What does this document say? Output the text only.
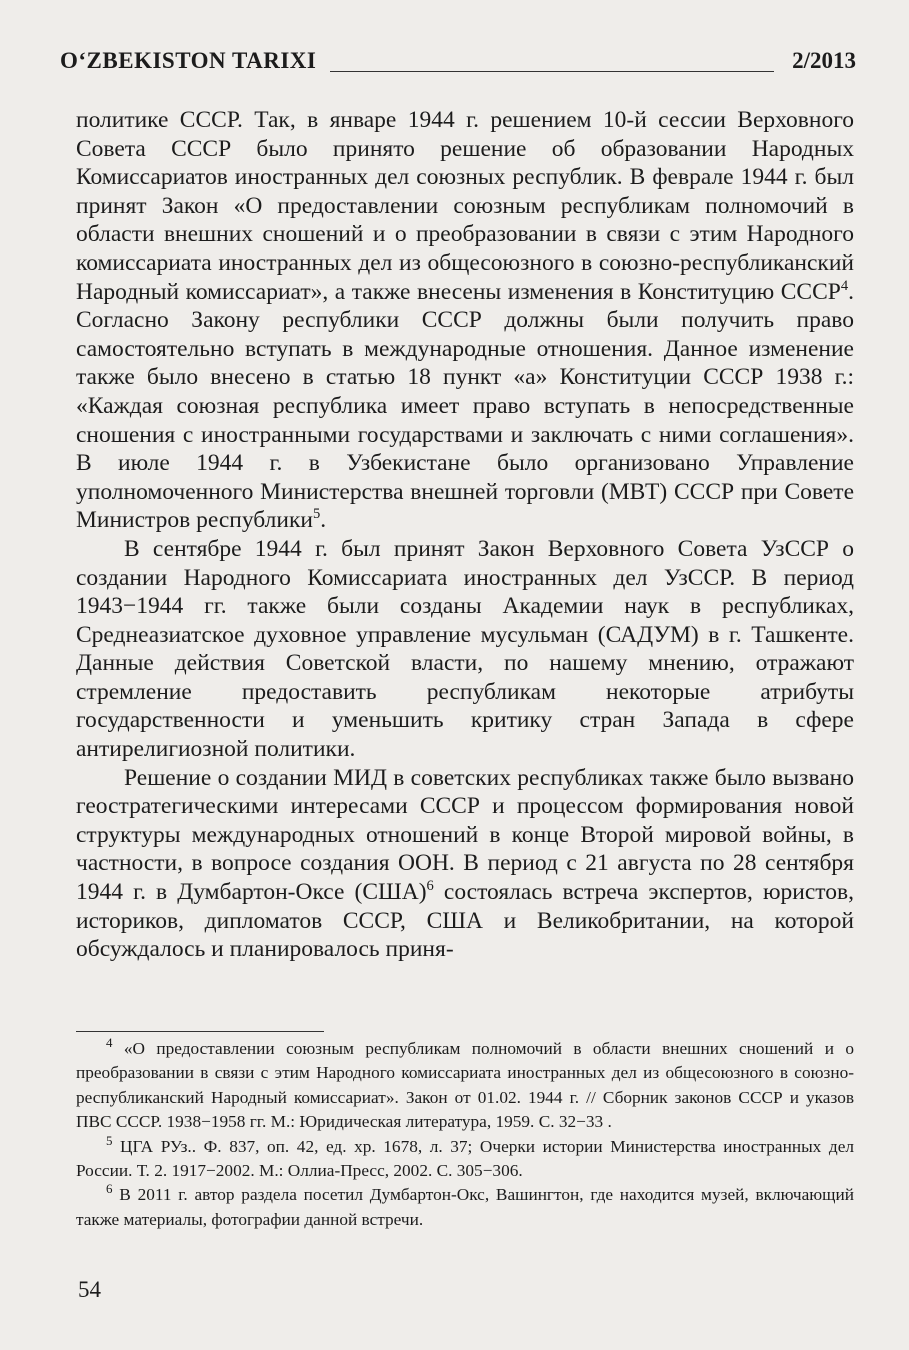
O‘ZBEKISTON TARIXI	2/2013

политике СССР. Так, в январе 1944 г. решением 10-й сессии Верховного Совета СССР было принято решение об образовании Народных Комиссариатов иностранных дел союзных республик. В феврале 1944 г. был принят Закон «О предоставлении союзным республикам полномочий в области внешних сношений и о преобразовании в связи с этим Народного комиссариата иностранных дел из общесоюзного в союзно-республиканский Народный комиссариат», а также внесены изменения в Конституцию СССР$^4$. Согласно Закону республики СССР должны были получить право самостоятельно вступать в международные отношения. Данное изменение также было внесено в статью 18 пункт «а» Конституции СССР 1938 г.: «Каждая союзная республика имеет право вступать в непосредственные сношения с иностранными государствами и заключать с ними соглашения». В июле 1944 г. в Узбекистане было организовано Управление уполномоченного Министерства внешней торговли (МВТ) СССР при Совете Министров республики$^5$.

В сентябре 1944 г. был принят Закон Верховного Совета УзССР о создании Народного Комиссариата иностранных дел УзССР. В период 1943−1944 гг. также были созданы Академии наук в республиках, Среднеазиатское духовное управление мусульман (САДУМ) в г. Ташкенте. Данные действия Советской власти, по нашему мнению, отражают стремление предоставить республикам некоторые атрибуты государственности и уменьшить критику стран Запада в сфере антирелигиозной политики.

Решение о создании МИД в советских республиках также было вызвано геостратегическими интересами СССР и процессом формирования новой структуры международных отношений в конце Второй мировой войны, в частности, в вопросе создания ООН. В период с 21 августа по 28 сентября 1944 г. в Думбартон-Оксе (США)$^6$ состоялась встреча экспертов, юристов, историков, дипломатов СССР, США и Великобритании, на которой обсуждалось и планировалось приня-

$^4$ «О предоставлении союзным республикам полномочий в области внешних сношений и о преобразовании в связи с этим Народного комиссариата иностранных дел из общесоюзного в союзно-республиканский Народный комиссариат». Закон от 01.02. 1944 г. // Сборник законов СССР и указов ПВС СССР. 1938−1958 гг. М.: Юридическая литература, 1959. С. 32−33 .

$^5$ ЦГА РУз.. Ф. 837, оп. 42, ед. хр. 1678, л. 37; Очерки истории Министерства иностранных дел России. Т. 2. 1917−2002. М.: Оллиа-Пресс, 2002. С. 305−306.

$^6$ В 2011 г. автор раздела посетил Думбартон-Окс, Вашингтон, где находится музей, включающий также материалы, фотографии данной встречи.

54
